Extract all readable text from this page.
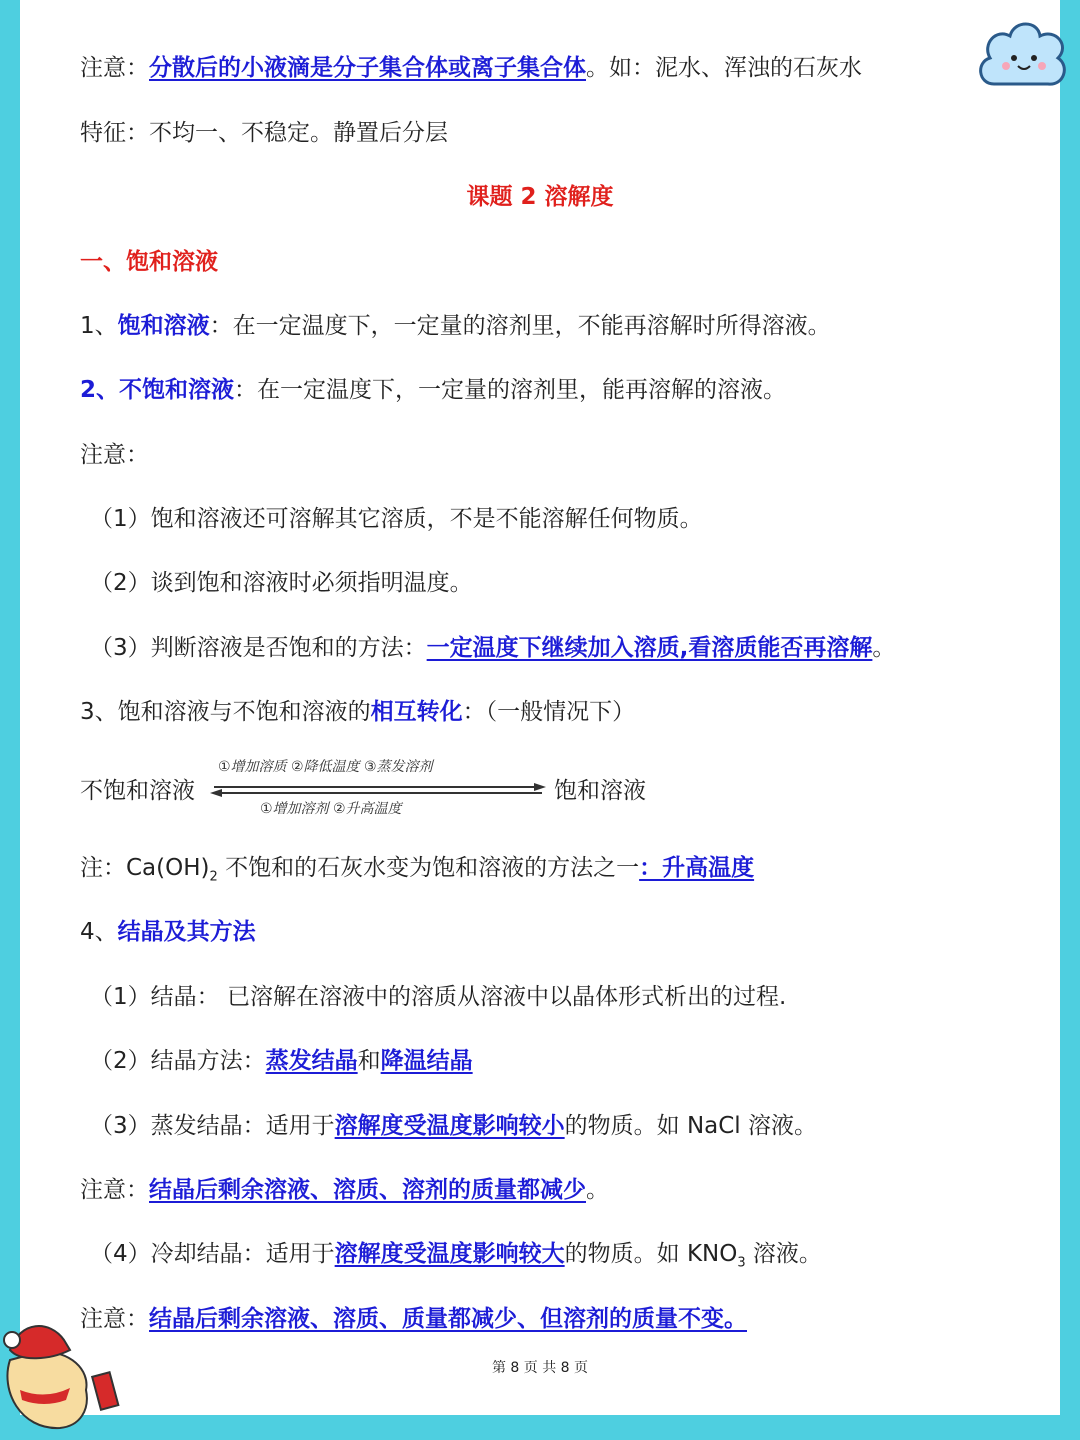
注意：分散后的小液滴是分子集合体或离子集合体。如：泥水、浑浊的石灰水
特征：不均一、不稳定。静置后分层
课题 2 溶解度
一、饱和溶液
1、饱和溶液：在一定温度下，一定量的溶剂里，不能再溶解时所得溶液。
2、不饱和溶液：在一定温度下，一定量的溶剂里，能再溶解的溶液。
注意：
（1）饱和溶液还可溶解其它溶质，不是不能溶解任何物质。
（2）谈到饱和溶液时必须指明温度。
（3）判断溶液是否饱和的方法：一定温度下继续加入溶质,看溶质能否再溶解。
3、饱和溶液与不饱和溶液的相互转化：（一般情况下）
注：$Ca(OH)_2$ 不饱和的石灰水变为饱和溶液的方法之一：升高温度
4、结晶及其方法
（1）结晶： 已溶解在溶液中的溶质从溶液中以晶体形式析出的过程.
（2）结晶方法：蒸发结晶和降温结晶
（3）蒸发结晶：适用于溶解度受温度影响较小的物质。如 NaCl 溶液。
注意：结晶后剩余溶液、溶质、溶剂的质量都减少。
（4）冷却结晶：适用于溶解度受温度影响较大的物质。如 $KNO_3$ 溶液。
注意：结晶后剩余溶液、溶质、质量都减少、但溶剂的质量不变。
不饱和溶液
①增加溶质 ②降低温度 ③蒸发溶剂
①增加溶剂 ②升高温度
饱和溶液
第 8 页 共 8 页
